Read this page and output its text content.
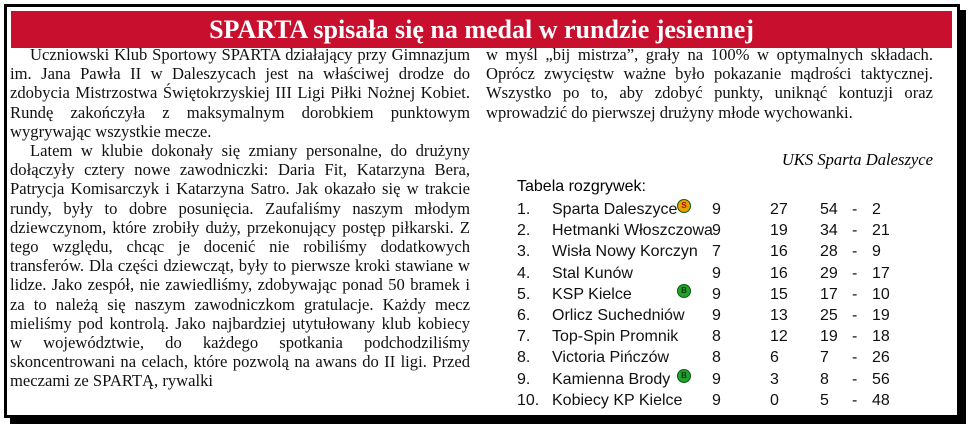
SPARTA spisała się na medal w rundzie jesiennej

Uczniowski Klub Sportowy SPARTA działający przy Gimnazjum im. Jana Pawła II w Daleszycach jest na właściwej drodze do zdobycia Mistrzostwa Świętokrzyskiej III Ligi Piłki Nożnej Kobiet. Rundę zakończyła z maksymalnym dorobkiem punktowym wygrywając wszystkie mecze.

Latem w klubie dokonały się zmiany personalne, do drużyny dołączyły cztery nowe zawodniczki: Daria Fit, Katarzyna Bera, Patrycja Komisarczyk i Katarzyna Satro. Jak okazało się w trakcie rundy, były to dobre posunięcia. Zaufaliśmy naszym młodym dziewczynom, które zrobiły duży, przekonujący postęp piłkarski. Z tego względu, chcąc je docenić nie robiliśmy dodatkowych transferów. Dla części dziewcząt, były to pierwsze kroki stawiane w lidze. Jako zespół, nie zawiedliśmy, zdobywając ponad 50 bramek i za to należą się naszym zawodniczkom gratulacje. Każdy mecz mieliśmy pod kontrolą. Jako najbardziej utytułowany klub kobiecy w województwie, do każdego spotkania podchodziliśmy skoncentrowani na celach, które pozwolą na awans do II ligi. Przed meczami ze SPARTĄ, rywalki

w myśl „bij mistrza”, grały na 100% w optymalnych składach. Oprócz zwycięstw ważne było pokazanie mądrości taktycznej. Wszystko po to, aby zdobyć punkty, uniknąć kontuzji oraz wprowadzić do pierwszej drużyny młode wychowanki.

UKS Sparta Daleszyce
Tabela rozgrywek:
1. Sparta Daleszyce 9	27 54 - 2
S
2. Hetmanki Włoszczowa 9	19 34 - 21
3. Wisła Nowy Korczyn 7	16 28 - 9
4. Stal Kunów	9	16 29 - 17
5. KSP Kielce	9	15 17 - 10
B
6. Orlicz Suchedniów 9	13 25 - 19
7. Top-Spin Promnik 8	12 19 - 18
8. Victoria Pińczów	8	6	7 - 26
9. Kamienna Brody	9	3	8 - 56
B
10. Kobiecy KP Kielce 9	0	5 - 48
